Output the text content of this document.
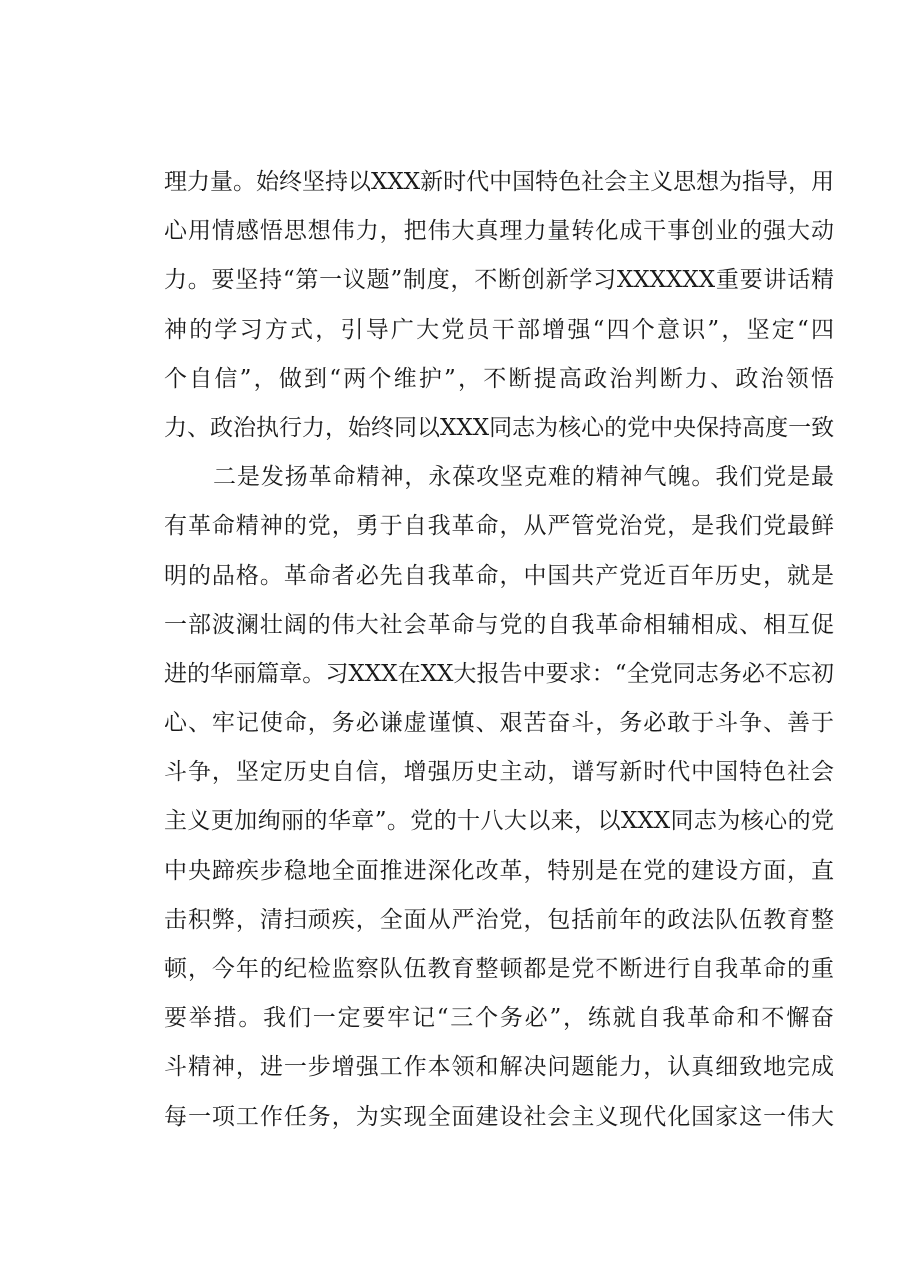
理力量。始终坚持以XXX新时代中国特色社会主义思想为指导，用
心用情感悟思想伟力，把伟大真理力量转化成干事创业的强大动
力。要坚持“第一议题”制度，不断创新学习XXXXXX重要讲话精
神的学习方式，引导广大党员干部增强“四个意识”，坚定“四
个自信”，做到“两个维护”，不断提高政治判断力、政治领悟
力、政治执行力，始终同以XXX同志为核心的党中央保持高度一致
二是发扬革命精神，永葆攻坚克难的精神气魄。我们党是最
有革命精神的党，勇于自我革命，从严管党治党，是我们党最鲜
明的品格。革命者必先自我革命，中国共产党近百年历史，就是
一部波澜壮阔的伟大社会革命与党的自我革命相辅相成、相互促
进的华丽篇章。习XXX在XX大报告中要求：“全党同志务必不忘初
心、牢记使命，务必谦虚谨慎、艰苦奋斗，务必敢于斗争、善于
斗争，坚定历史自信，增强历史主动，谱写新时代中国特色社会
主义更加绚丽的华章”。党的十八大以来，以XXX同志为核心的党
中央蹄疾步稳地全面推进深化改革，特别是在党的建设方面，直
击积弊，清扫顽疾，全面从严治党，包括前年的政法队伍教育整
顿，今年的纪检监察队伍教育整顿都是党不断进行自我革命的重
要举措。我们一定要牢记“三个务必”，练就自我革命和不懈奋
斗精神，进一步增强工作本领和解决问题能力，认真细致地完成
每一项工作任务，为实现全面建设社会主义现代化国家这一伟大
